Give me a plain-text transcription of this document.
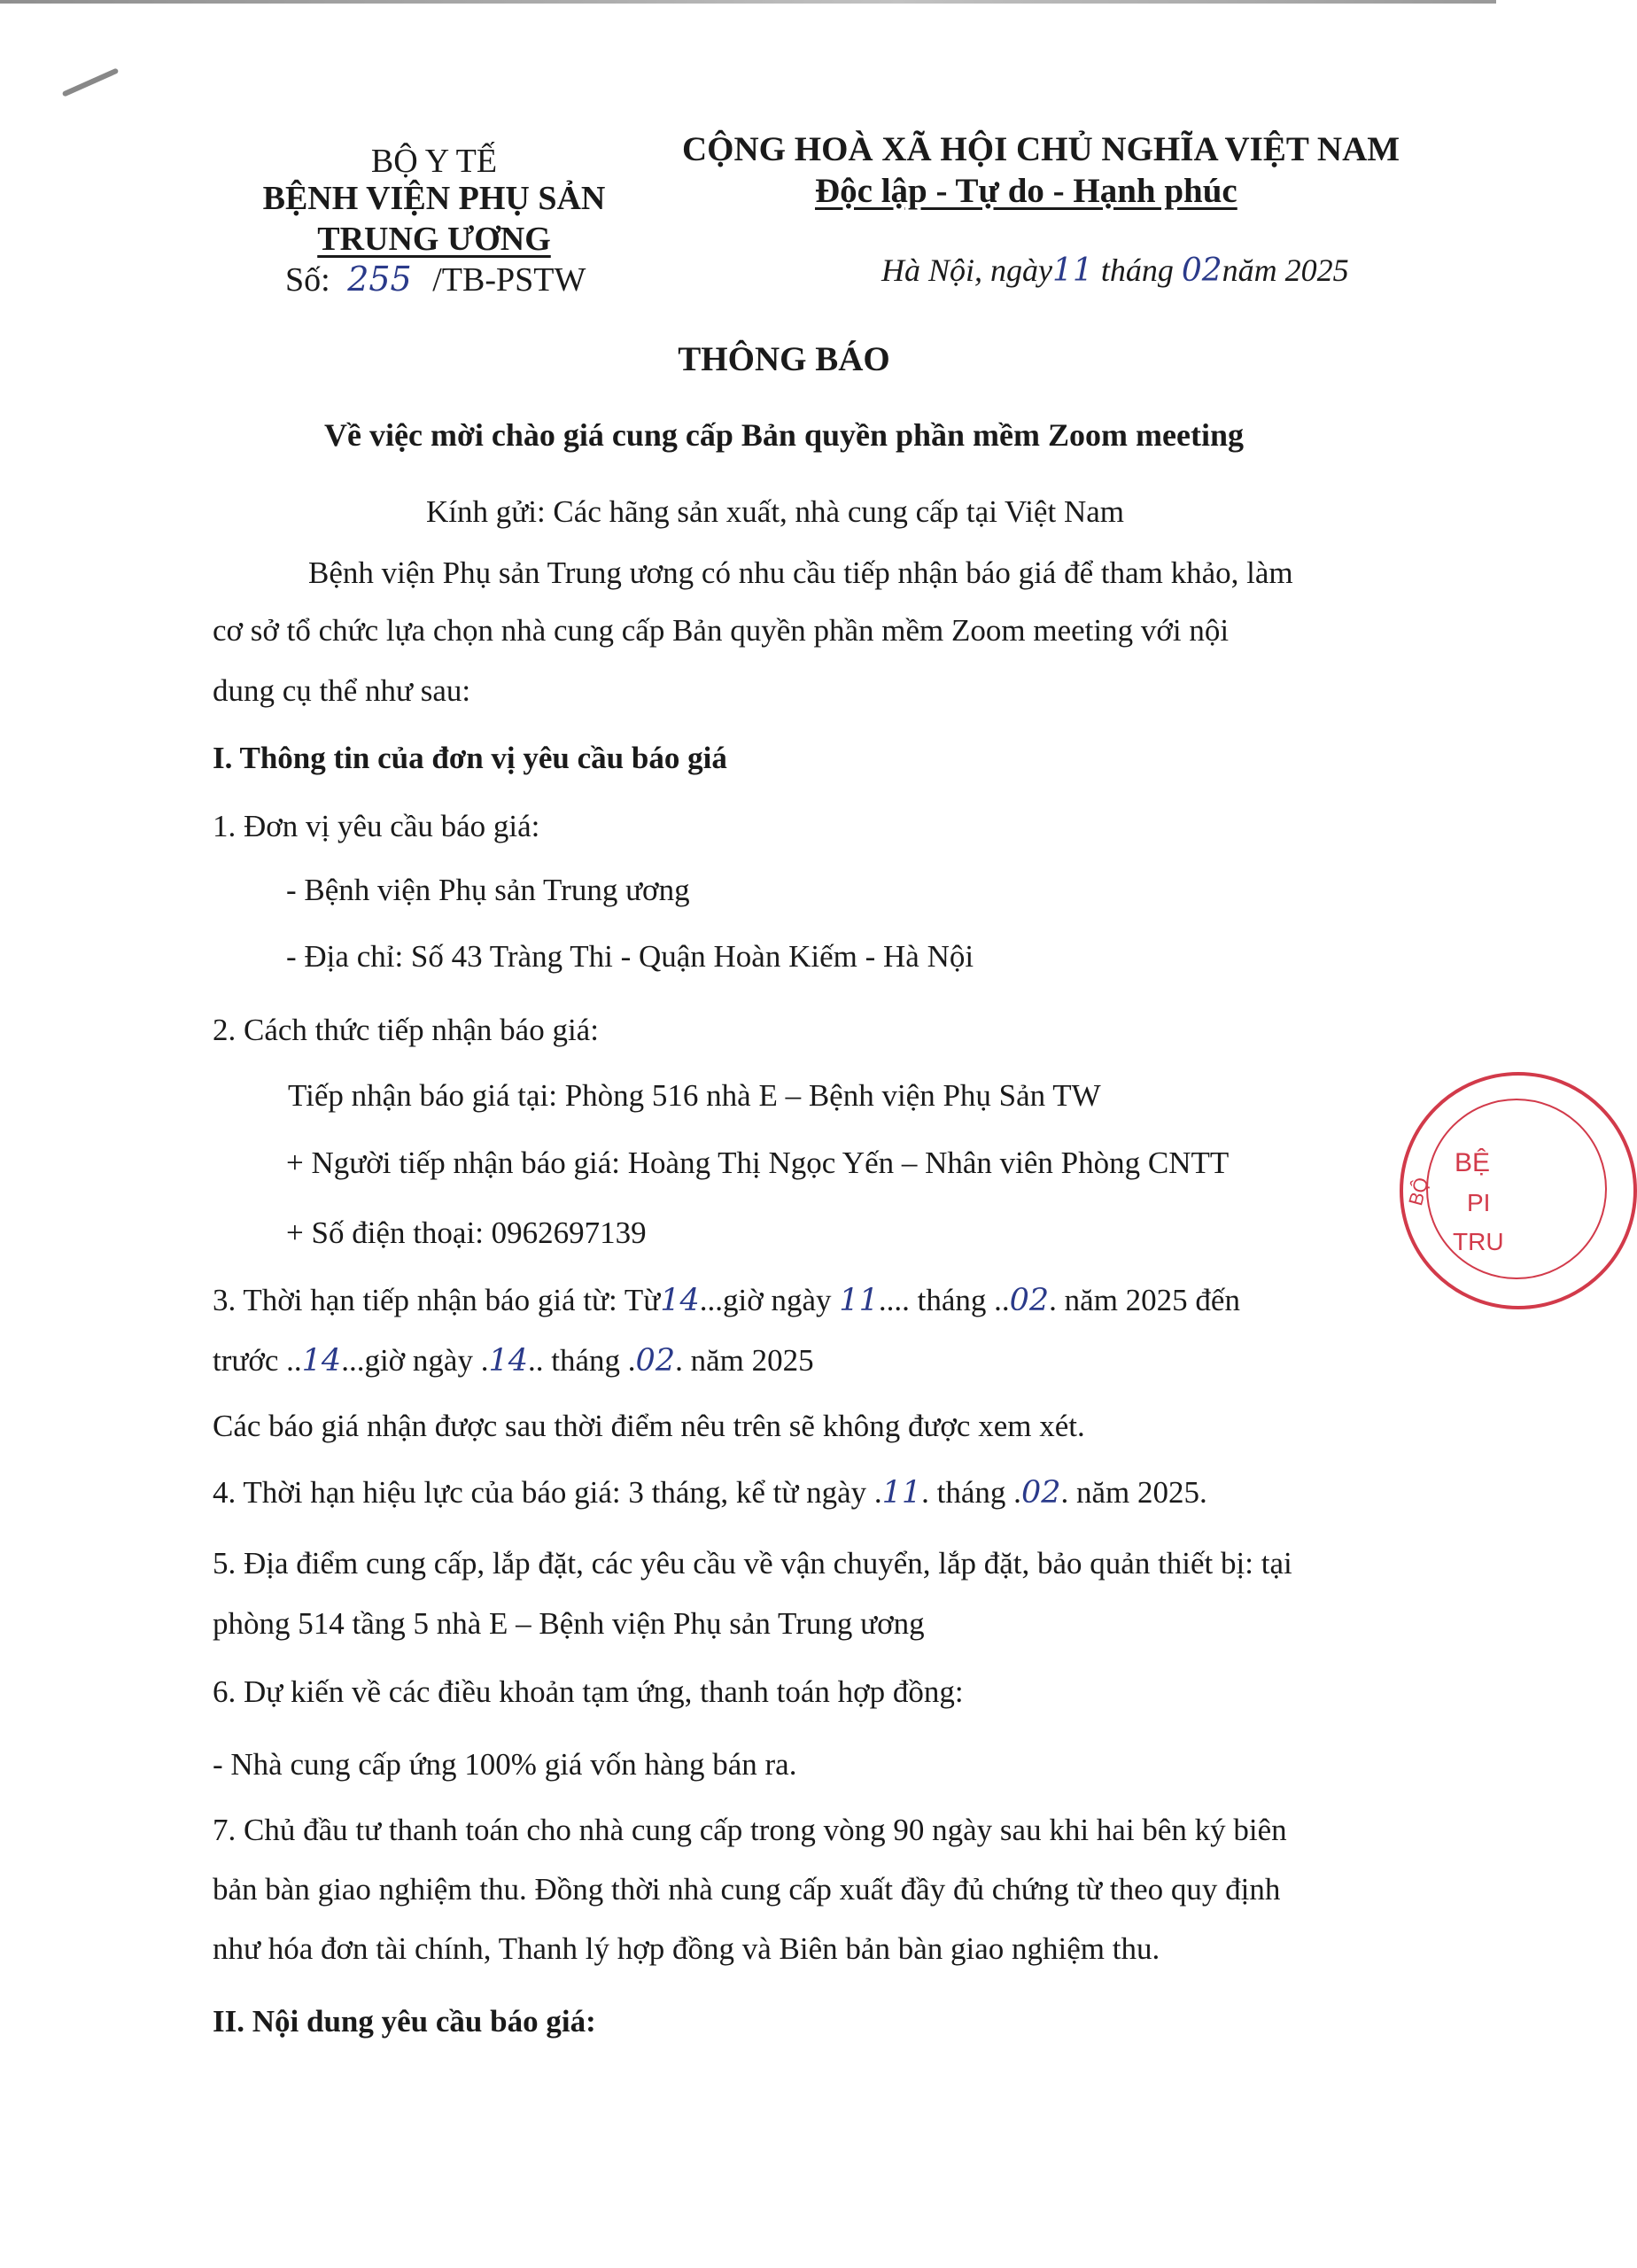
BỘ Y TẾ
BỆNH VIỆN PHỤ SẢN
TRUNG ƯƠNG
Số: 255 /TB-PSTW
CỘNG HOÀ XÃ HỘI CHỦ NGHĨA VIỆT NAM
Độc lập - Tự do - Hạnh phúc
Hà Nội, ngày11 tháng 02năm 2025
THÔNG BÁO
Về việc mời chào giá cung cấp Bản quyền phần mềm Zoom meeting
Kính gửi: Các hãng sản xuất, nhà cung cấp tại Việt Nam
Bệnh viện Phụ sản Trung ương có nhu cầu tiếp nhận báo giá để tham khảo, làm
cơ sở tổ chức lựa chọn nhà cung cấp Bản quyền phần mềm Zoom meeting với nội
dung cụ thể như sau:
I. Thông tin của đơn vị yêu cầu báo giá
1. Đơn vị yêu cầu báo giá:
- Bệnh viện Phụ sản Trung ương
- Địa chỉ: Số 43 Tràng Thi - Quận Hoàn Kiếm - Hà Nội
2. Cách thức tiếp nhận báo giá:
Tiếp nhận báo giá tại: Phòng 516 nhà E – Bệnh viện Phụ Sản TW
+ Người tiếp nhận báo giá: Hoàng Thị Ngọc Yến – Nhân viên Phòng CNTT
+ Số điện thoại: 0962697139
3. Thời hạn tiếp nhận báo giá từ: Từ14...giờ ngày 11.... tháng ..02. năm 2025 đến
trước ..14...giờ ngày .14.. tháng .02. năm 2025
Các báo giá nhận được sau thời điểm nêu trên sẽ không được xem xét.
4. Thời hạn hiệu lực của báo giá: 3 tháng, kể từ ngày .11. tháng .02. năm 2025.
5. Địa điểm cung cấp, lắp đặt, các yêu cầu về vận chuyển, lắp đặt, bảo quản thiết bị: tại
phòng 514 tầng 5 nhà E – Bệnh viện Phụ sản Trung ương
6. Dự kiến về các điều khoản tạm ứng, thanh toán hợp đồng:
- Nhà cung cấp ứng 100% giá vốn hàng bán ra.
7. Chủ đầu tư thanh toán cho nhà cung cấp trong vòng 90 ngày sau khi hai bên ký biên
bản bàn giao nghiệm thu. Đồng thời nhà cung cấp xuất đầy đủ chứng từ theo quy định
như hóa đơn tài chính, Thanh lý hợp đồng và Biên bản bàn giao nghiệm thu.
II. Nội dung yêu cầu báo giá:
BỆ
PI
TRU
BỘ
